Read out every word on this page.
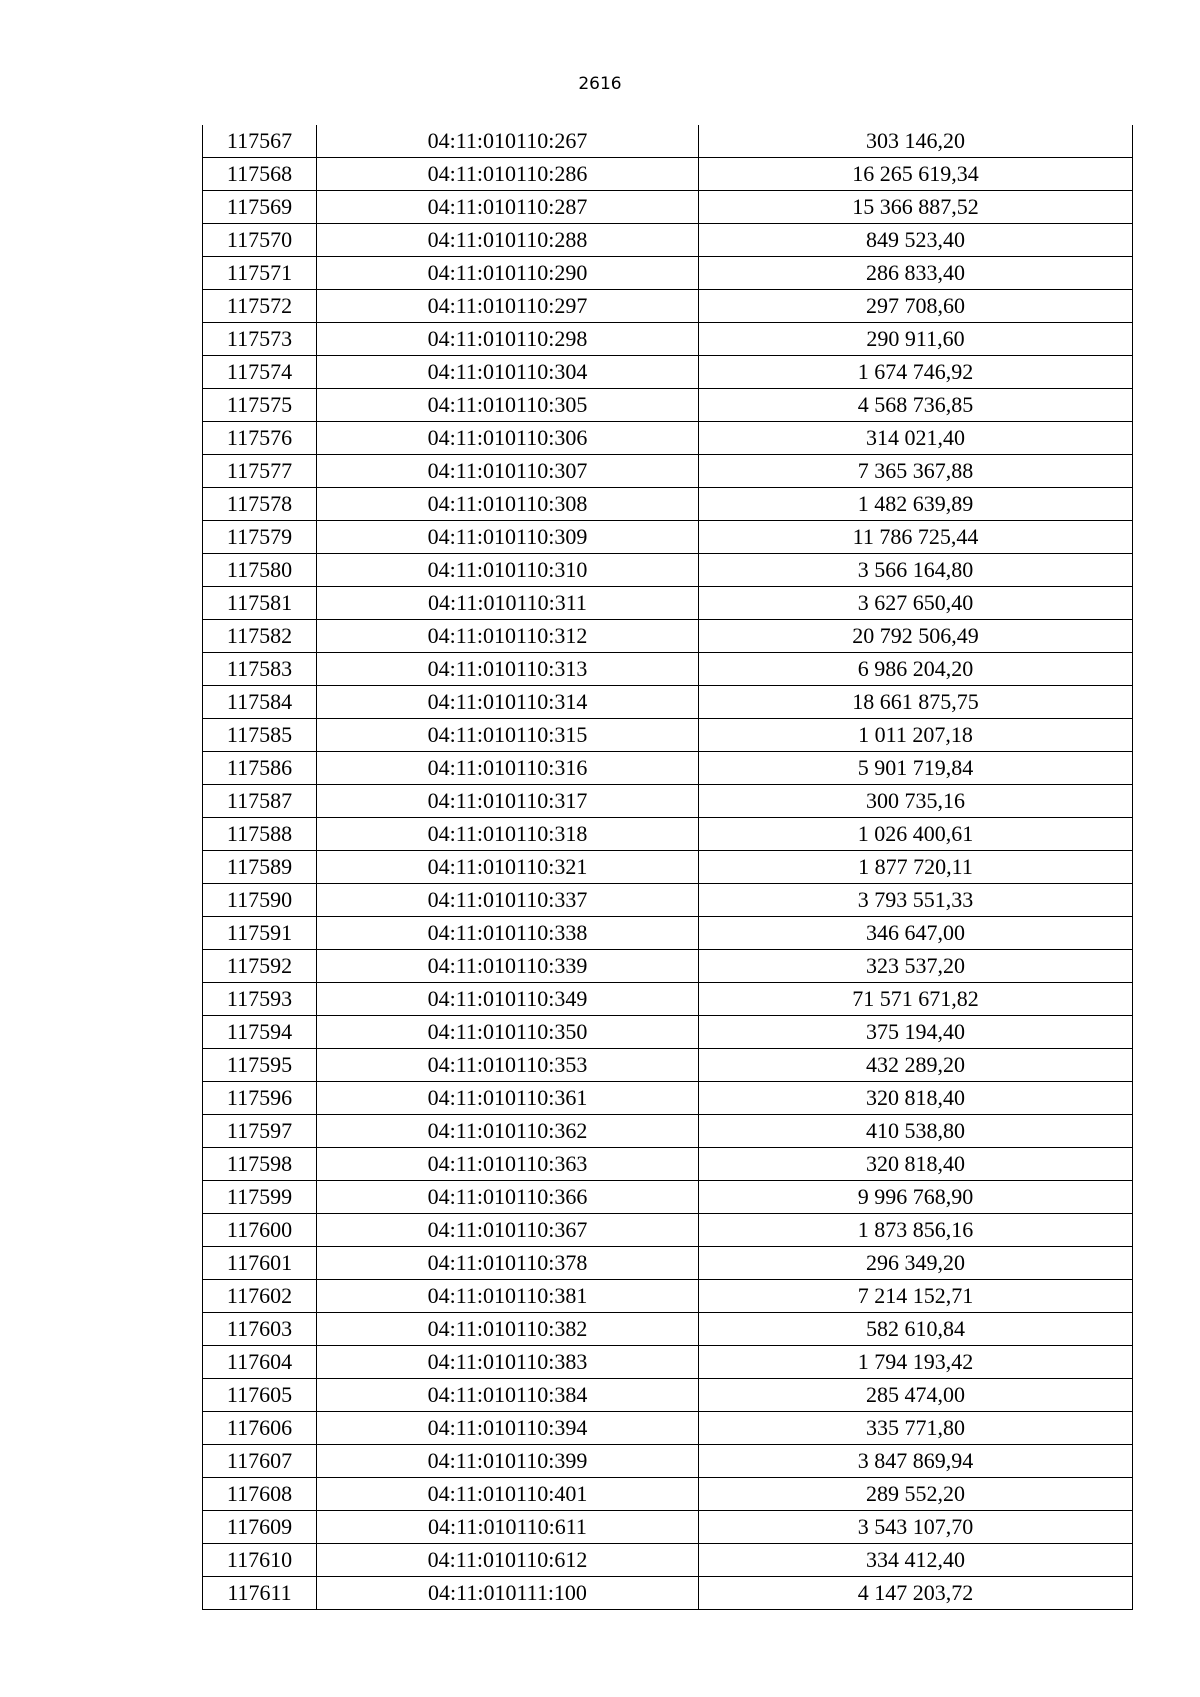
2616
117567	04:11:010110:267	303 146,20
117568	04:11:010110:286	16 265 619,34
117569	04:11:010110:287	15 366 887,52
117570	04:11:010110:288	849 523,40
117571	04:11:010110:290	286 833,40
117572	04:11:010110:297	297 708,60
117573	04:11:010110:298	290 911,60
117574	04:11:010110:304	1 674 746,92
117575	04:11:010110:305	4 568 736,85
117576	04:11:010110:306	314 021,40
117577	04:11:010110:307	7 365 367,88
117578	04:11:010110:308	1 482 639,89
117579	04:11:010110:309	11 786 725,44
117580	04:11:010110:310	3 566 164,80
117581	04:11:010110:311	3 627 650,40
117582	04:11:010110:312	20 792 506,49
117583	04:11:010110:313	6 986 204,20
117584	04:11:010110:314	18 661 875,75
117585	04:11:010110:315	1 011 207,18
117586	04:11:010110:316	5 901 719,84
117587	04:11:010110:317	300 735,16
117588	04:11:010110:318	1 026 400,61
117589	04:11:010110:321	1 877 720,11
117590	04:11:010110:337	3 793 551,33
117591	04:11:010110:338	346 647,00
117592	04:11:010110:339	323 537,20
117593	04:11:010110:349	71 571 671,82
117594	04:11:010110:350	375 194,40
117595	04:11:010110:353	432 289,20
117596	04:11:010110:361	320 818,40
117597	04:11:010110:362	410 538,80
117598	04:11:010110:363	320 818,40
117599	04:11:010110:366	9 996 768,90
117600	04:11:010110:367	1 873 856,16
117601	04:11:010110:378	296 349,20
117602	04:11:010110:381	7 214 152,71
117603	04:11:010110:382	582 610,84
117604	04:11:010110:383	1 794 193,42
117605	04:11:010110:384	285 474,00
117606	04:11:010110:394	335 771,80
117607	04:11:010110:399	3 847 869,94
117608	04:11:010110:401	289 552,20
117609	04:11:010110:611	3 543 107,70
117610	04:11:010110:612	334 412,40
117611	04:11:010111:100	4 147 203,72
